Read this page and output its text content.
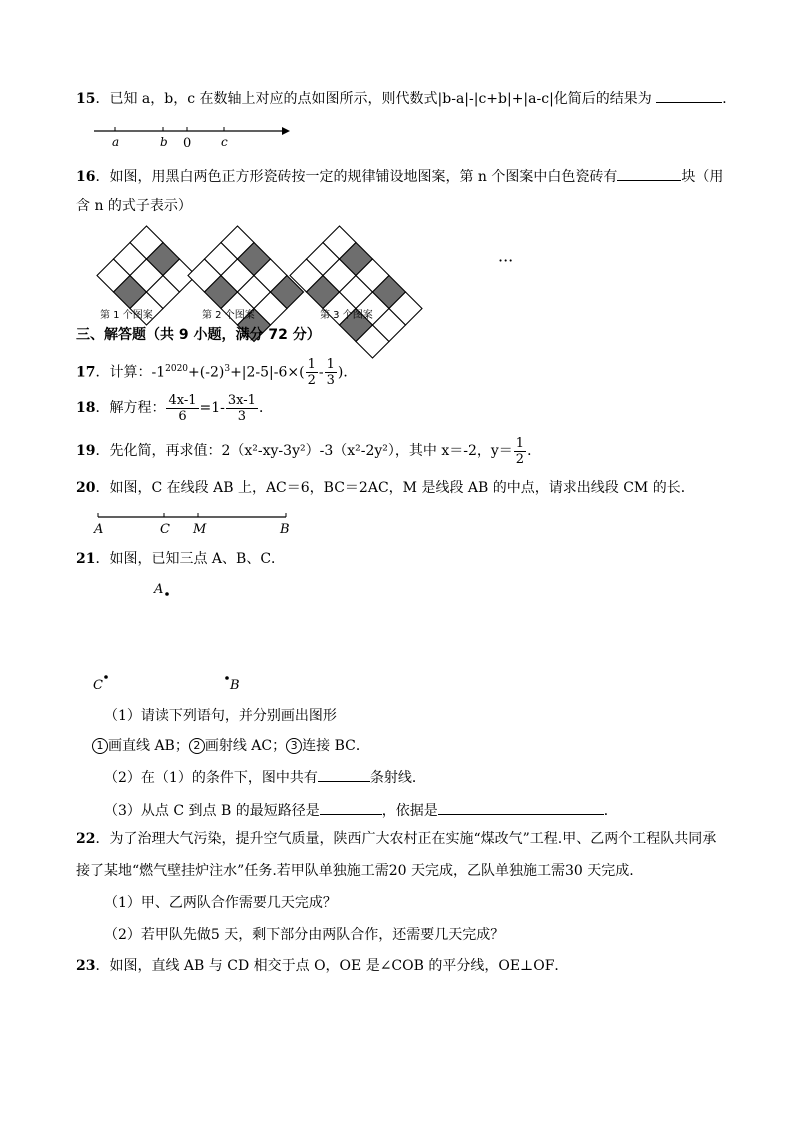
15．已知 a，b，c 在数轴上对应的点如图所示，则代数式|b-a|-|c+b|+|a-c|化简后的结果为	．
a	b 0 c
16．如图，用黑白两色正方形瓷砖按一定的规律铺设地图案，第 n 个图案中白色瓷砖有	块（用
含 n 的式子表示）
···
第 1 个图案	第 2 个图案	第 3 个图案
三、解答题（共 9 小题，满分 72 分）
17．计算：$-1^{2020}+(-2)^3+|2-5|-6\times( \frac{1}{2} - \frac{1}{3}$ )．
18．解方程： $\frac{4x-1}{6} =1- \frac{3x-1}{3}$ ．
19．先化简，再求值：2（x²-xy-3y²）-3（x²-2y²），其中 x＝-2，$y= \frac{1}{2}$ ．
20．如图，C 在线段 AB 上，AC＝6，BC＝2AC，M 是线段 AB 的中点，请求出线段 CM 的长．
A	C M	B
21．如图，已知三点 A、B、C．
A
C	B
（1）请读下列语句，并分别画出图形
1 画直线 AB； 2 画射线 AC； 3 连接 BC．
（2）在（1）的条件下，图中共有	条射线．
（3）从点 C 到点 B 的最短路径是	，依据是	．
22．为了治理大气污染，提升空气质量，陕西广大农村正在实施“煤改气”工程.甲、乙两个工程队共同承
接了某地“燃气壁挂炉注水”任务.若甲队单独施工需20 天完成，乙队单独施工需30 天完成.
（1）甲、乙两队合作需要几天完成？
（2）若甲队先做5 天，剩下部分由两队合作，还需要几天完成？
23．如图，直线 AB 与 CD 相交于点 O，OE 是∠COB 的平分线，OE⊥OF．
